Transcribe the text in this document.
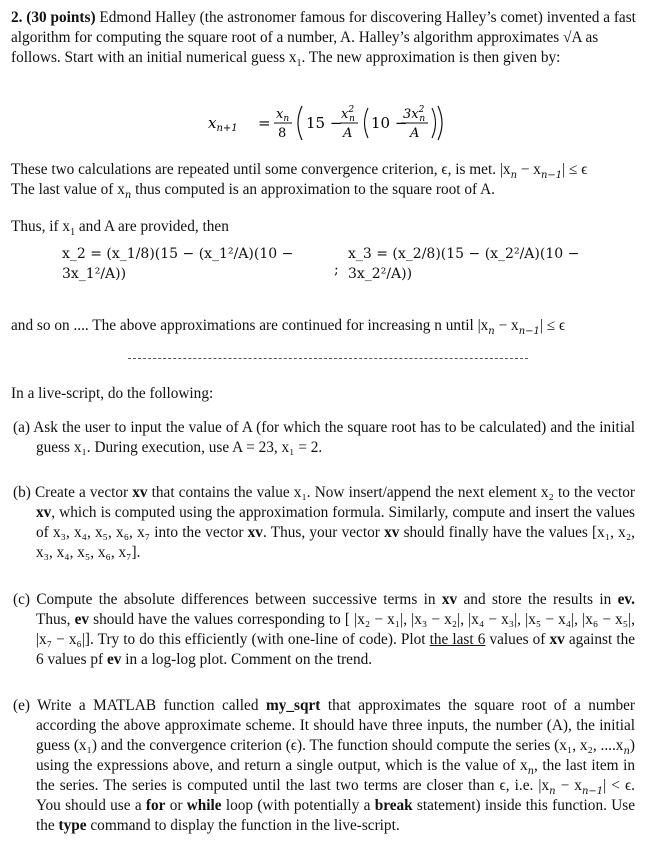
2. (30 points) Edmond Halley (the astronomer famous for discovering Halley’s comet) invented a fast algorithm for computing the square root of a number, A. Halley’s algorithm approximates √A as follows. Start with an initial numerical guess $x_1$. The new approximation is then given by:
$x_{n+1} = x_n$
8
15 −
$x^2$ n
A
10 −
$3x^2$ n
A
These two calculations are repeated until some convergence criterion, ϵ, is met. $|x_n - x_{n-1}| \le \epsilon$
The last value of $x_n$ thus computed is an approximation to the square root of A.
Thus, if $x_1$ and A are provided, then
x_2 = (x_1/8)(15 − (x_1²/A)(10 − 3x_1²/A))	;
x_3 = (x_2/8)(15 − (x_2²/A)(10 − 3x_2²/A))
and so on .... The above approximations are continued for increasing n until $|x_n - x_{n-1}| \le \epsilon$
In a live-script, do the following:

(a) Ask the user to input the value of A (for which the square root has to be calculated) and the initial guess x₁. During execution, use A = 23, x₁ = 2.

(b) Create a vector xv that contains the value x₁. Now insert/append the next element x₂ to the vector xv, which is computed using the approximation formula. Similarly, compute and insert the values of x₃, x₄, x₅, x₆, x₇ into the vector xv. Thus, your vector xv should finally have the values [x₁, x₂, x₃, x₄, x₅, x₆, x₇].

(c) Compute the absolute differences between successive terms in xv and store the results in ev. Thus, ev should have the values corresponding to [ |x₂ − x₁|, |x₃ − x₂|, |x₄ − x₃|, |x₅ − x₄|, |x₆ − x₅|, |x₇ − x₆|]. Try to do this efficiently (with one-line of code). Plot the last 6 values of xv against the 6 values pf ev in a log-log plot. Comment on the trend.

(e) Write a MATLAB function called my_sqrt that approximates the square root of a number according the above approximate scheme. It should have three inputs, the number (A), the initial guess (x₁) and the convergence criterion (ϵ). The function should compute the series (x₁, x₂, $....x_n$) using the expressions above, and return a single output, which is the value of $x_n$, the last item in the series. The series is computed until the last two terms are closer than ϵ, i.e. $|x_n - x_{n-1}| < \epsilon$. You should use a for or while loop (with potentially a break statement) inside this function. Use the type command to display the function in the live-script.
